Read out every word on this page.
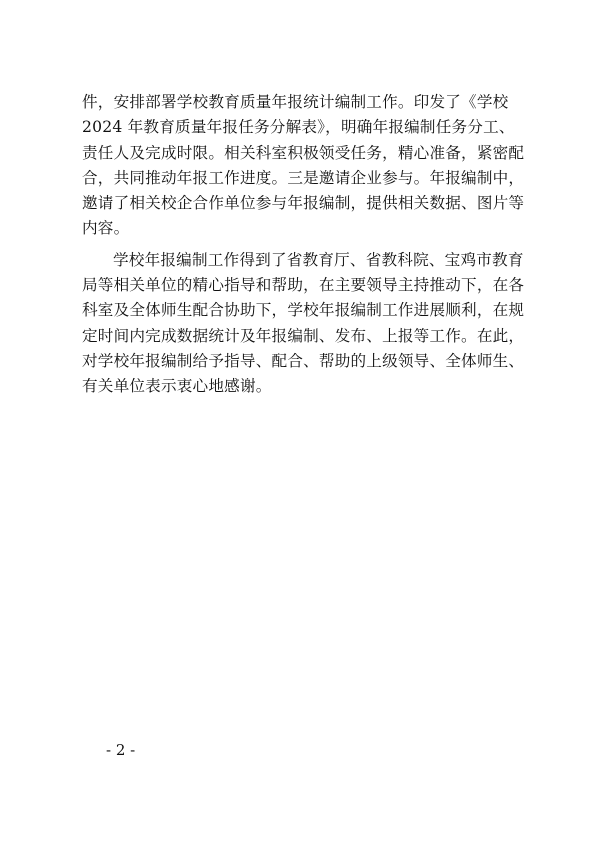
件，安排部署学校教育质量年报统计编制工作。印发了《学校
2024 年教育质量年报任务分解表》，明确年报编制任务分工、
责任人及完成时限。相关科室积极领受任务，精心准备，紧密配
合，共同推动年报工作进度。三是邀请企业参与。年报编制中，
邀请了相关校企合作单位参与年报编制，提供相关数据、图片等
内容。
学校年报编制工作得到了省教育厅、省教科院、宝鸡市教育
局等相关单位的精心指导和帮助，在主要领导主持推动下，在各
科室及全体师生配合协助下，学校年报编制工作进展顺利，在规
定时间内完成数据统计及年报编制、发布、上报等工作。在此，
对学校年报编制给予指导、配合、帮助的上级领导、全体师生、
有关单位表示衷心地感谢。
- 2 -
